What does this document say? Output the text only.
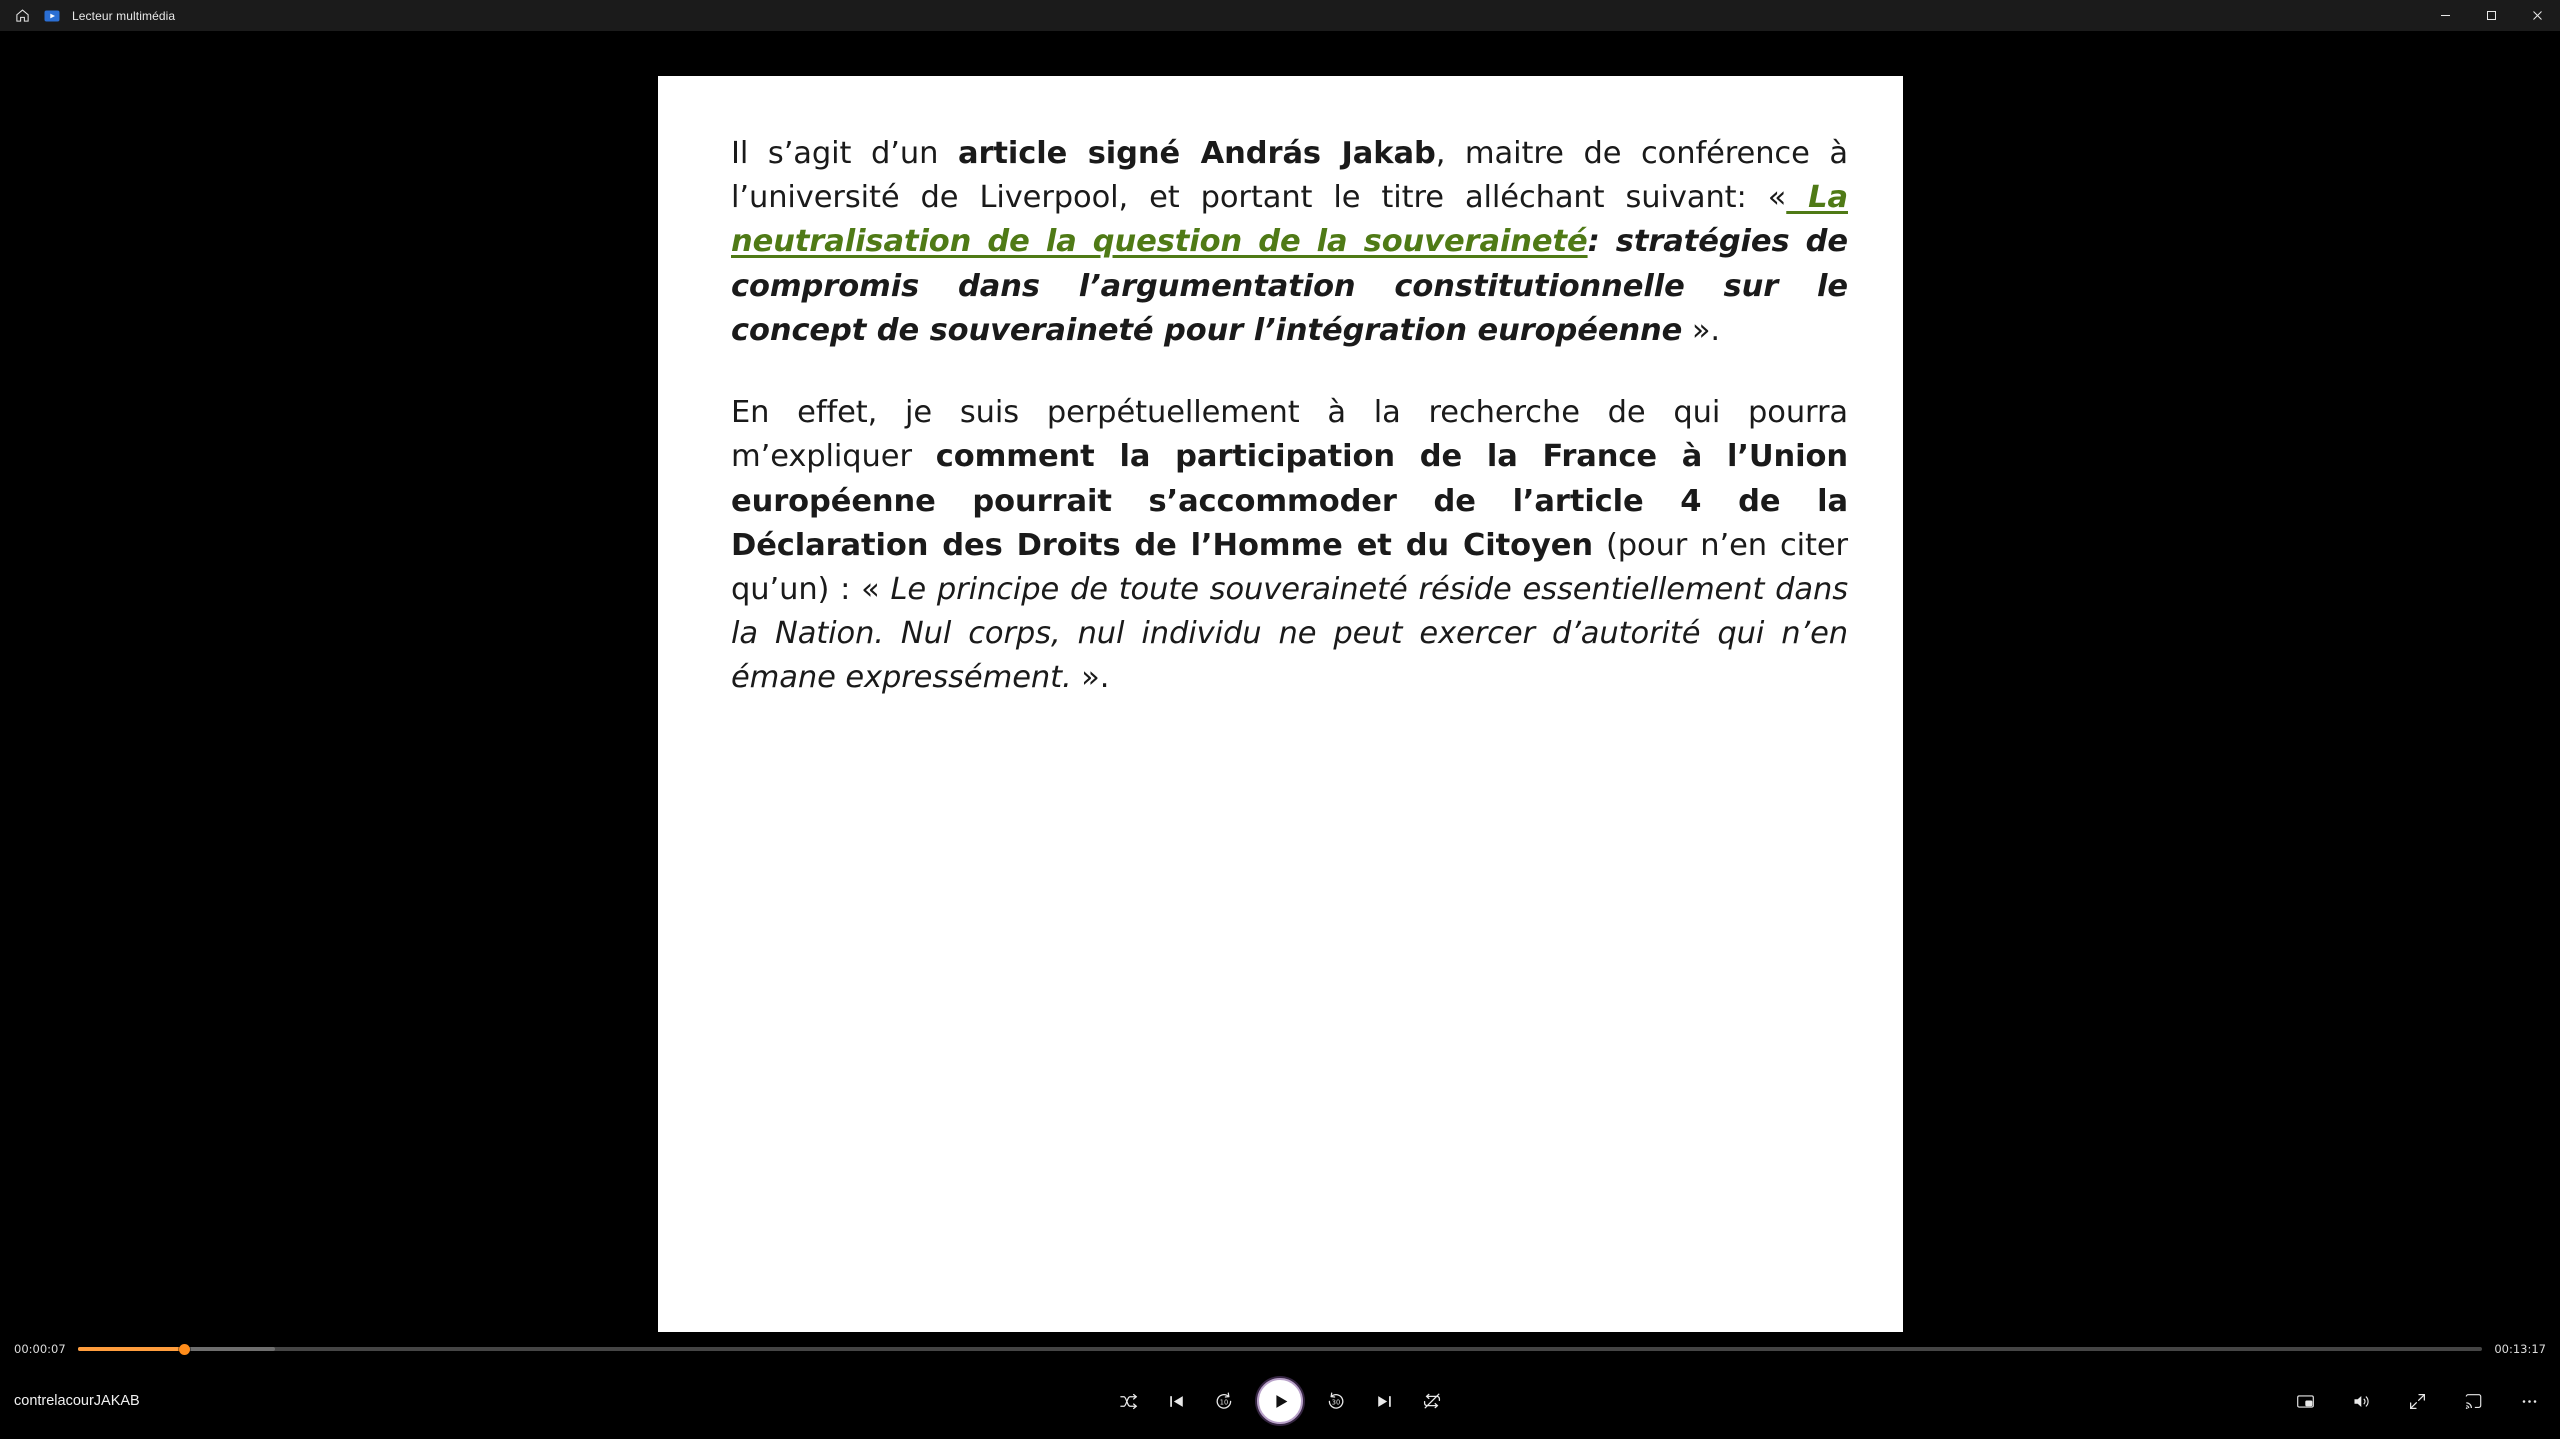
Lecteur multimédia

Il s’agit d’un article signé András Jakab, maitre de conférence à l’université de Liverpool, et portant le titre alléchant suivant: « La neutralisation de la question de la souveraineté: stratégies de compromis dans l’argumentation constitutionnelle sur le concept de souveraineté pour l’intégration européenne ».

En effet, je suis perpétuellement à la recherche de qui pourra m’expliquer comment la participation de la France à l’Union européenne pourrait s’accommoder de l’article 4 de la Déclaration des Droits de l’Homme et du Citoyen (pour n’en citer qu’un) : « Le principe de toute souveraineté réside essentiellement dans la Nation. Nul corps, nul individu ne peut exercer d’autorité qui n’en émane expressément. ».

00:00:07	00:13:17
contrelacourJAKAB	10	30
